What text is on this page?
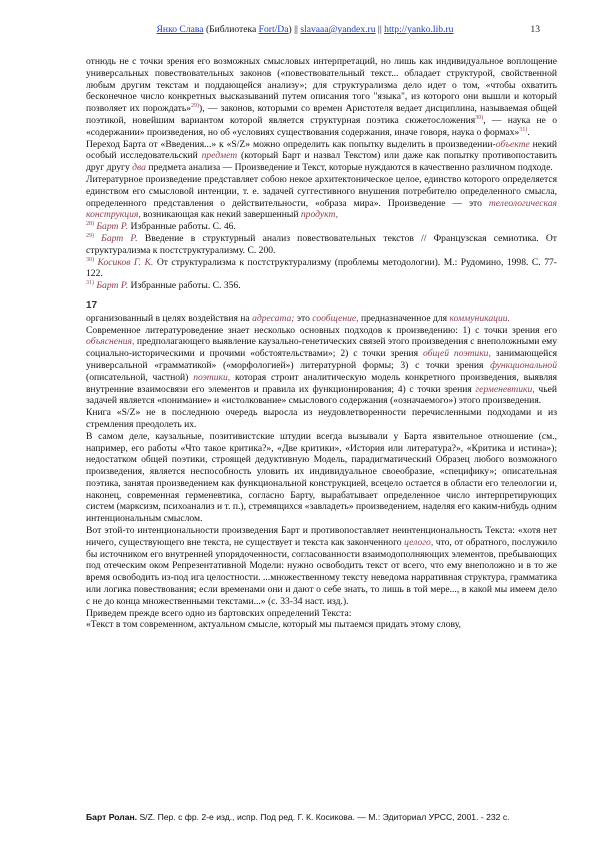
Янко Слава (Библиотека Fort/Da) || slavaaa@yandex.ru || http://yanko.lib.ru	13

отнюдь не с точки зрения его возможных смысловых интерпретаций, но лишь как индивидуальное воплощение универсальных повествовательных законов («повествовательный текст... обладает структурой, свойственной любым другим текстам и поддающейся анализу»; для структурализма дело идет о том, «чтобы охватить бесконечное число конкретных высказываний путем описания того "языка", из которого они вышли и который позволяет их порождать»$^{29)}$), — законов, которыми со времен Аристотеля ведает дисциплина, называемая общей поэтикой, новейшим вариантом которой является структурная поэтика сюжетосложения$^{30)}$, — наука не о «содержании» произведения, но об «условиях существования содержания, иначе говоря, наука о формах»$^{31)}$.

Переход Барта от «Введения...» к «S/Z» можно определить как попытку выделить в произведении-объекте некий особый исследовательский предмет (который Барт и назвал Текстом) или даже как попытку противопоставить друг другу два предмета анализа — Произведение и Текст, которые нуждаются в качественно различном подходе.

Литературное произведение представляет собою некое архитектоническое целое, единство которого определяется единством его смысловой интенции, т. е. задачей суггестивного внушения потребителю определенного смысла, определенного представления о действительности, «образа мира». Произведение — это телеологическая конструкция, возникающая как некий завершенный продукт,

$^{28)}$ Барт Р. Избранные работы. С. 46.

$^{29)}$ Барт Р. Введение в структурный анализ повествовательных текстов // Французская семиотика. От структурализма к постструктурализму. С. 200.

$^{30)}$ Косиков Г. К. От структурализма к постструктурализму (проблемы методологии). М.: Рудомино, 1998. С. 77-122.

$^{31)}$ Барт Р. Избранные работы. С. 356.

17

организованный в целях воздействия на адресата; это сообщение, предназначенное для коммуникации.

Современное литературоведение знает несколько основных подходов к произведению: 1) с точки зрения его объяснения, предполагающего выявление каузально-генетических связей этого произведения с внеположными ему социально-историческими и прочими «обстоятельствами»; 2) с точки зрения общей поэтики, занимающейся универсальной «грамматикой» («морфологией») литературной формы; 3) с точки зрения функциональной (описательной, частной) поэтики, которая строит аналитическую модель конкретного произведения, выявляя внутренние взаимосвязи его элементов и правила их функционирования; 4) с точки зрения герменевтики, чьей задачей является «понимание» и «истолкование» смыслового содержания («означаемого») этого произведения.

Книга «S/Z» не в последнюю очередь выросла из неудовлетворенности перечисленными подходами и из стремления преодолеть их.

В самом деле, каузальные, позитивистские штудии всегда вызывали у Барта язвительное отношение (см., например, его работы «Что такое критика?», «Две критики», «История или литература?», «Критика и истина»); недостатком общей поэтики, строящей дедуктивную Модель, парадигматический Образец любого возможного произведения, является неспособность уловить их индивидуальное своеобразие, «специфику»; описательная поэтика, занятая произведением как функциональной конструкцией, всецело остается в области его телеологии и, наконец, современная герменевтика, согласно Барту, вырабатывает определенное число интерпретирующих систем (марксизм, психоанализ и т. п.), стремящихся «завладеть» произведением, наделяя его каким-нибудь одним интенциональным смыслом.

Вот этой-то интенциональности произведения Барт и противопоставляет неинтенциональность Текста: «хотя нет ничего, существующего вне текста, не существует и текста как законченного целого, что, от обратного, послужило бы источником его внутренней упорядоченности, согласованности взаимодополняющих элементов, пребывающих под отеческим оком Репрезентативной Модели: нужно освободить текст от всего, что ему внеположно и в то же время освободить из-под ига целостности. ...множественному тексту неведома нарративная структура, грамматика или логика повествования; если временами они и дают о себе знать, то лишь в той мере..., в какой мы имеем дело с не до конца множественными текстами...» (с. 33-34 наст. изд.).

Приведем прежде всего одно из бартовских определений Текста:

«Текст в том современном, актуальном смысле, который мы пытаемся придать этому слову,

Барт Ролан. S/Z. Пер. с фр. 2-е изд., испр. Под ред. Г. К. Косикова. — М.: Эдиториал УРСС, 2001. - 232 с.
